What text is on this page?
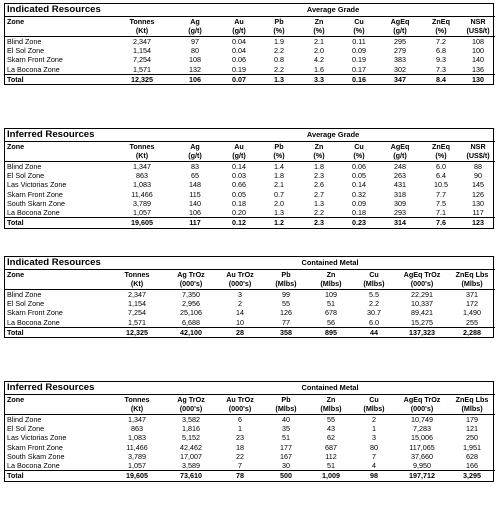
Indicated Resources		Average Grade							
Zone	Tonnes	Ag	Au	Pb	Zn	Cu	AgEq	ZnEq	NSR
	(Kt)	(g/t)	(g/t)	(%)	(%)	(%)	(g/t)	(%)	(US$/t)
Blind Zone	2,347	97	0.04	1.9	2.1	0.11	295	7.2	108
El Sol Zone	1,154	80	0.04	2.2	2.0	0.09	279	6.8	100
Skarn Front Zone	7,254	108	0.06	0.8	4.2	0.19	383	9.3	140
La Bocona Zone	1,571	132	0.19	2.2	1.6	0.17	302	7.3	136
Total	12,325	106	0.07	1.3	3.3	0.16	347	8.4	130
Inferred Resources		Average Grade							
Zone	Tonnes	Ag	Au	Pb	Zn	Cu	AgEq	ZnEq	NSR
	(Kt)	(g/t)	(g/t)	(%)	(%)	(%)	(g/t)	(%)	(US$/t)
Blind Zone	1,347	83	0.14	1.4	1.8	0.06	248	6.0	88
El Sol Zone	863	65	0.03	1.8	2.3	0.05	263	6.4	90
Las Victorias Zone	1,083	148	0.66	2.1	2.6	0.14	431	10.5	145
Skarn Front Zone	11,466	115	0.05	0.7	2.7	0.32	318	7.7	126
South Skarn Zone	3,789	140	0.18	2.0	1.3	0.09	309	7.5	130
La Bocona Zone	1,057	106	0.20	1.3	2.2	0.18	293	7.1	117
Total	19,605	117	0.12	1.2	2.3	0.23	314	7.6	123
Indicated Resources		Contained Metal						
Zone	Tonnes	Ag TrOz	Au TrOz	Pb	Zn	Cu	AgEq TrOz	ZnEq Lbs
	(Kt)	(000's)	(000's)	(Mlbs)	(Mlbs)	(Mlbs)	(000's)	(Mlbs)
Blind Zone	2,347	7,350	3	99	109	5.5	22,291	371
El Sol Zone	1,154	2,956	2	55	51	2.2	10,337	172
Skarn Front Zone	7,254	25,106	14	126	678	30.7	89,421	1,490
La Bocona Zone	1,571	6,688	10	77	56	6.0	15,275	255
Total	12,325	42,100	28	358	895	44	137,323	2,288
Inferred Resources		Contained Metal						
Zone	Tonnes	Ag TrOz	Au TrOz	Pb	Zn	Cu	AgEq TrOz	ZnEq Lbs
	(Kt)	(000's)	(000's)	(Mlbs)	(Mlbs)	(Mlbs)	(000's)	(Mlbs)
Blind Zone	1,347	3,582	6	40	55	2	10,749	179
El Sol Zone	863	1,816	1	35	43	1	7,283	121
Las Victorias Zone	1,083	5,152	23	51	62	3	15,006	250
Skarn Front Zone	11,466	42,462	18	177	687	80	117,065	1,951
South Skam Zone	3,789	17,007	22	167	112	7	37,660	628
La Bocona Zone	1,057	3,589	7	30	51	4	9,950	166
Total	19,605	73,610	78	500	1,009	98	197,712	3,295
